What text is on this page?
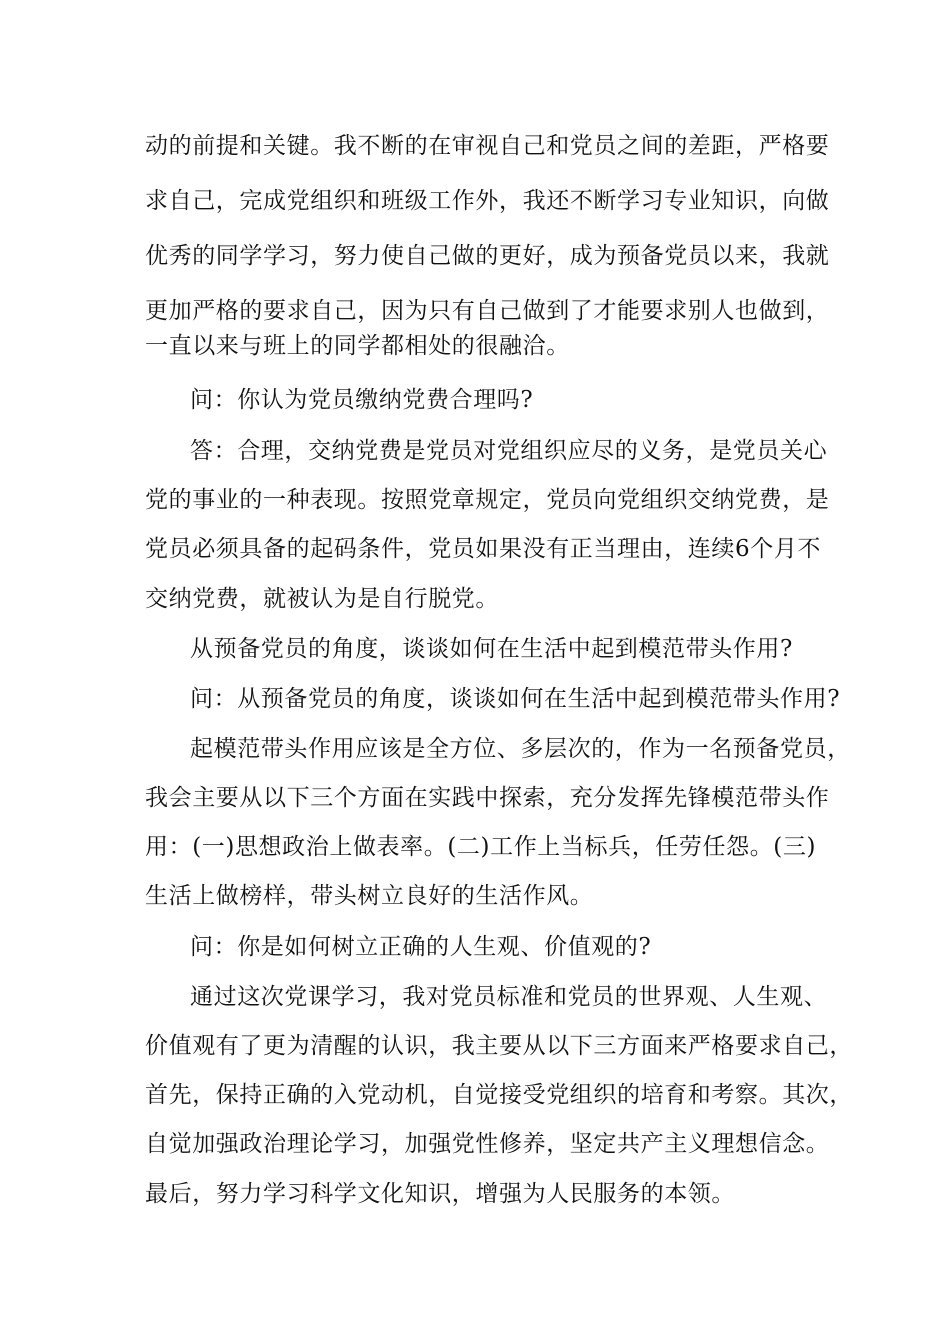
动的前提和关键。我不断的在审视自己和党员之间的差距，严格要
求自己，完成党组织和班级工作外，我还不断学习专业知识，向做
优秀的同学学习，努力使自己做的更好，成为预备党员以来，我就
更加严格的要求自己，因为只有自己做到了才能要求别人也做到，
一直以来与班上的同学都相处的很融洽。
问：你认为党员缴纳党费合理吗?
答：合理，交纳党费是党员对党组织应尽的义务，是党员关心
党的事业的一种表现。按照党章规定，党员向党组织交纳党费，是
党员必须具备的起码条件，党员如果没有正当理由，连续6个月不
交纳党费，就被认为是自行脱党。
从预备党员的角度，谈谈如何在生活中起到模范带头作用?
问：从预备党员的角度，谈谈如何在生活中起到模范带头作用?
起模范带头作用应该是全方位、多层次的，作为一名预备党员，
我会主要从以下三个方面在实践中探索，充分发挥先锋模范带头作
用：(一)思想政治上做表率。(二)工作上当标兵，任劳任怨。(三)
生活上做榜样，带头树立良好的生活作风。
问：你是如何树立正确的人生观、价值观的?
通过这次党课学习，我对党员标准和党员的世界观、人生观、
价值观有了更为清醒的认识，我主要从以下三方面来严格要求自己，
首先，保持正确的入党动机，自觉接受党组织的培育和考察。其次，
自觉加强政治理论学习，加强党性修养，坚定共产主义理想信念。
最后，努力学习科学文化知识，增强为人民服务的本领。
